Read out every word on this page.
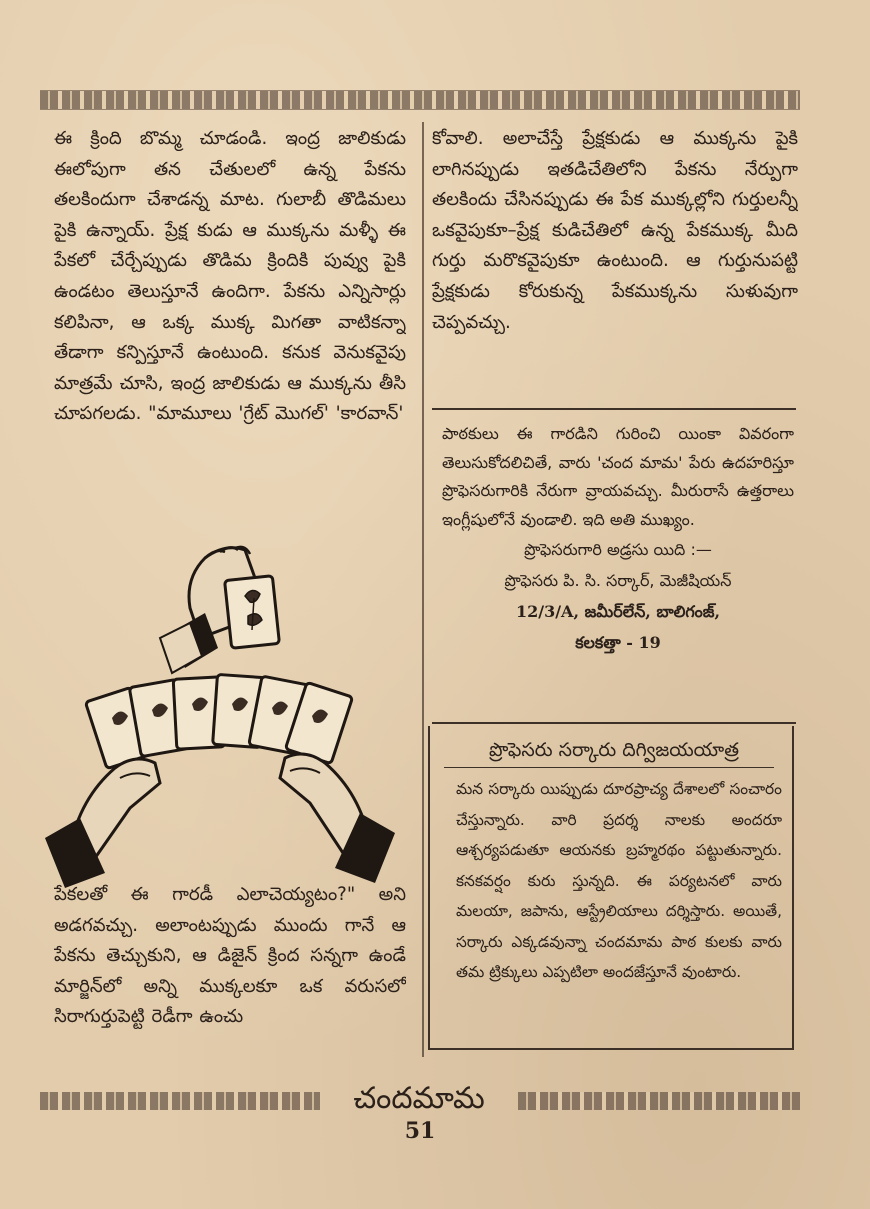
ఈ క్రింది బొమ్మ చూడండి. ఇంద్ర జాలికుడు ఈలోపుగా తన చేతులలో ఉన్న పేకను తలకిందుగా చేశాడన్న మాట. గులాబీ తొడిమలు పైకి ఉన్నాయ్. ప్రేక్ష కుడు ఆ ముక్కను మళ్ళీ ఈ పేకలో చేర్చేప్పుడు తొడిమ క్రిందికి పువ్వు పైకి ఉండటం తెలుస్తూనే ఉందిగా. పేకను ఎన్నిసార్లు కలిపినా, ఆ ఒక్క ముక్క మిగతా వాటికన్నా తేడాగా కన్పిస్తూనే ఉంటుంది. కనుక వెనుకవైపు మాత్రమే చూసి, ఇంద్ర జాలికుడు ఆ ముక్కను తీసి చూపగలడు. "మామూలు 'గ్రేట్ మొగల్' 'కారవాన్'

పేకలతో ఈ గారడీ ఎలాచెయ్యటం?" అని అడగవచ్చు. అలాంటప్పుడు ముందు గానే ఆ పేకను తెచ్చుకుని, ఆ డిజైన్ క్రింద సన్నగా ఉండే మార్జిన్‌లో అన్ని ముక్కలకూ ఒక వరుసలో సిరాగుర్తుపెట్టి రెడీగా ఉంచు

కోవాలి. అలాచేస్తే ప్రేక్షకుడు ఆ ముక్కను పైకి లాగినప్పుడు ఇతడిచేతిలోని పేకను నేర్పుగా తలకిందు చేసినప్పుడు ఈ పేక ముక్కల్లోని గుర్తులన్నీ ఒకవైపుకూ–ప్రేక్ష కుడిచేతిలో ఉన్న పేకముక్క మీది గుర్తు మరొకవైపుకూ ఉంటుంది. ఆ గుర్తునుపట్టి ప్రేక్షకుడు కోరుకున్న పేకముక్కను సుళువుగా చెప్పవచ్చు.

పాఠకులు ఈ గారడిని గురించి యింకా వివరంగా తెలుసుకోదలిచితే, వారు 'చంద మామ' పేరు ఉదహరిస్తూ ప్రొఫెసరుగారికి నేరుగా వ్రాయవచ్చు. మీరురాసే ఉత్తరాలు ఇంగ్లీషులోనే వుండాలి. ఇది అతి ముఖ్యం.

ప్రొఫెసరుగారి అడ్రసు యిది :—

ప్రొఫెసరు పి. సి. సర్కార్, మెజీషియన్

12/3/A, జమీర్‌లేన్, బాలిగంజ్,

కలకత్తా - 19

ప్రొఫెసరు సర్కారు దిగ్విజయయాత్ర

మన సర్కారు యిప్పుడు దూరప్రాచ్య దేశాలలో సంచారం చేస్తున్నారు. వారి ప్రదర్శ నాలకు అందరూ ఆశ్చర్యపడుతూ ఆయనకు బ్రహ్మరథం పట్టుతున్నారు. కనకవర్షం కురు స్తున్నది. ఈ పర్యటనలో వారు మలయా, జపాను, ఆస్ట్రేలియాలు దర్శిస్తారు. అయితే, సర్కారు ఎక్కడవున్నా చందమామ పాఠ కులకు వారు తమ ట్రిక్కులు ఎప్పటిలా అందజేస్తూనే వుంటారు.

చందమామ
51
